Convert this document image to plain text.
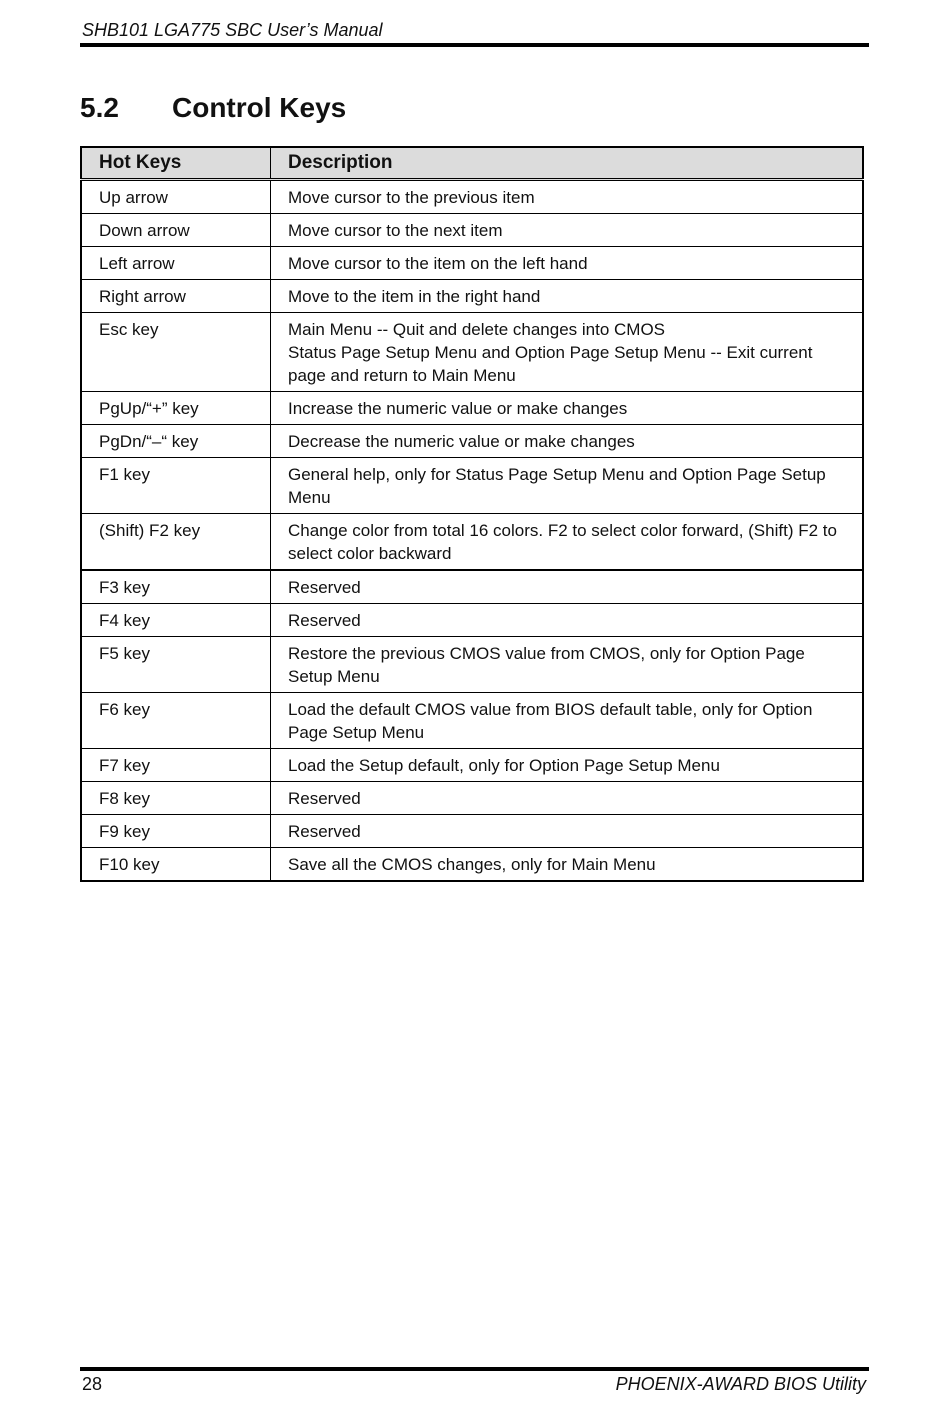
SHB101 LGA775 SBC User’s Manual
5.2 Control Keys
Hot Keys	Description
Up arrow	Move cursor to the previous item

Down arrow	Move cursor to the next item

Left arrow	Move cursor to the item on the left hand

Right arrow	Move to the item in the right hand

Esc key	Main Menu -- Quit and delete changes into CMOS
Status Page Setup Menu and Option Page Setup Menu -- Exit current page and return to Main Menu

PgUp/“+” key	Increase the numeric value or make changes

PgDn/“–“ key	Decrease the numeric value or make changes

F1 key	General help, only for Status Page Setup Menu and Option Page Setup Menu

(Shift) F2 key	Change color from total 16 colors. F2 to select color forward, (Shift) F2 to select color backward

F3 key	Reserved

F4 key	Reserved

F5 key	Restore the previous CMOS value from CMOS, only for Option Page Setup Menu

F6 key	Load the default CMOS value from BIOS default table, only for Option Page Setup Menu

F7 key	Load the Setup default, only for Option Page Setup Menu

F8 key	Reserved

F9 key	Reserved

F10 key	Save all the CMOS changes, only for Main Menu
28	PHOENIX-AWARD BIOS Utility
